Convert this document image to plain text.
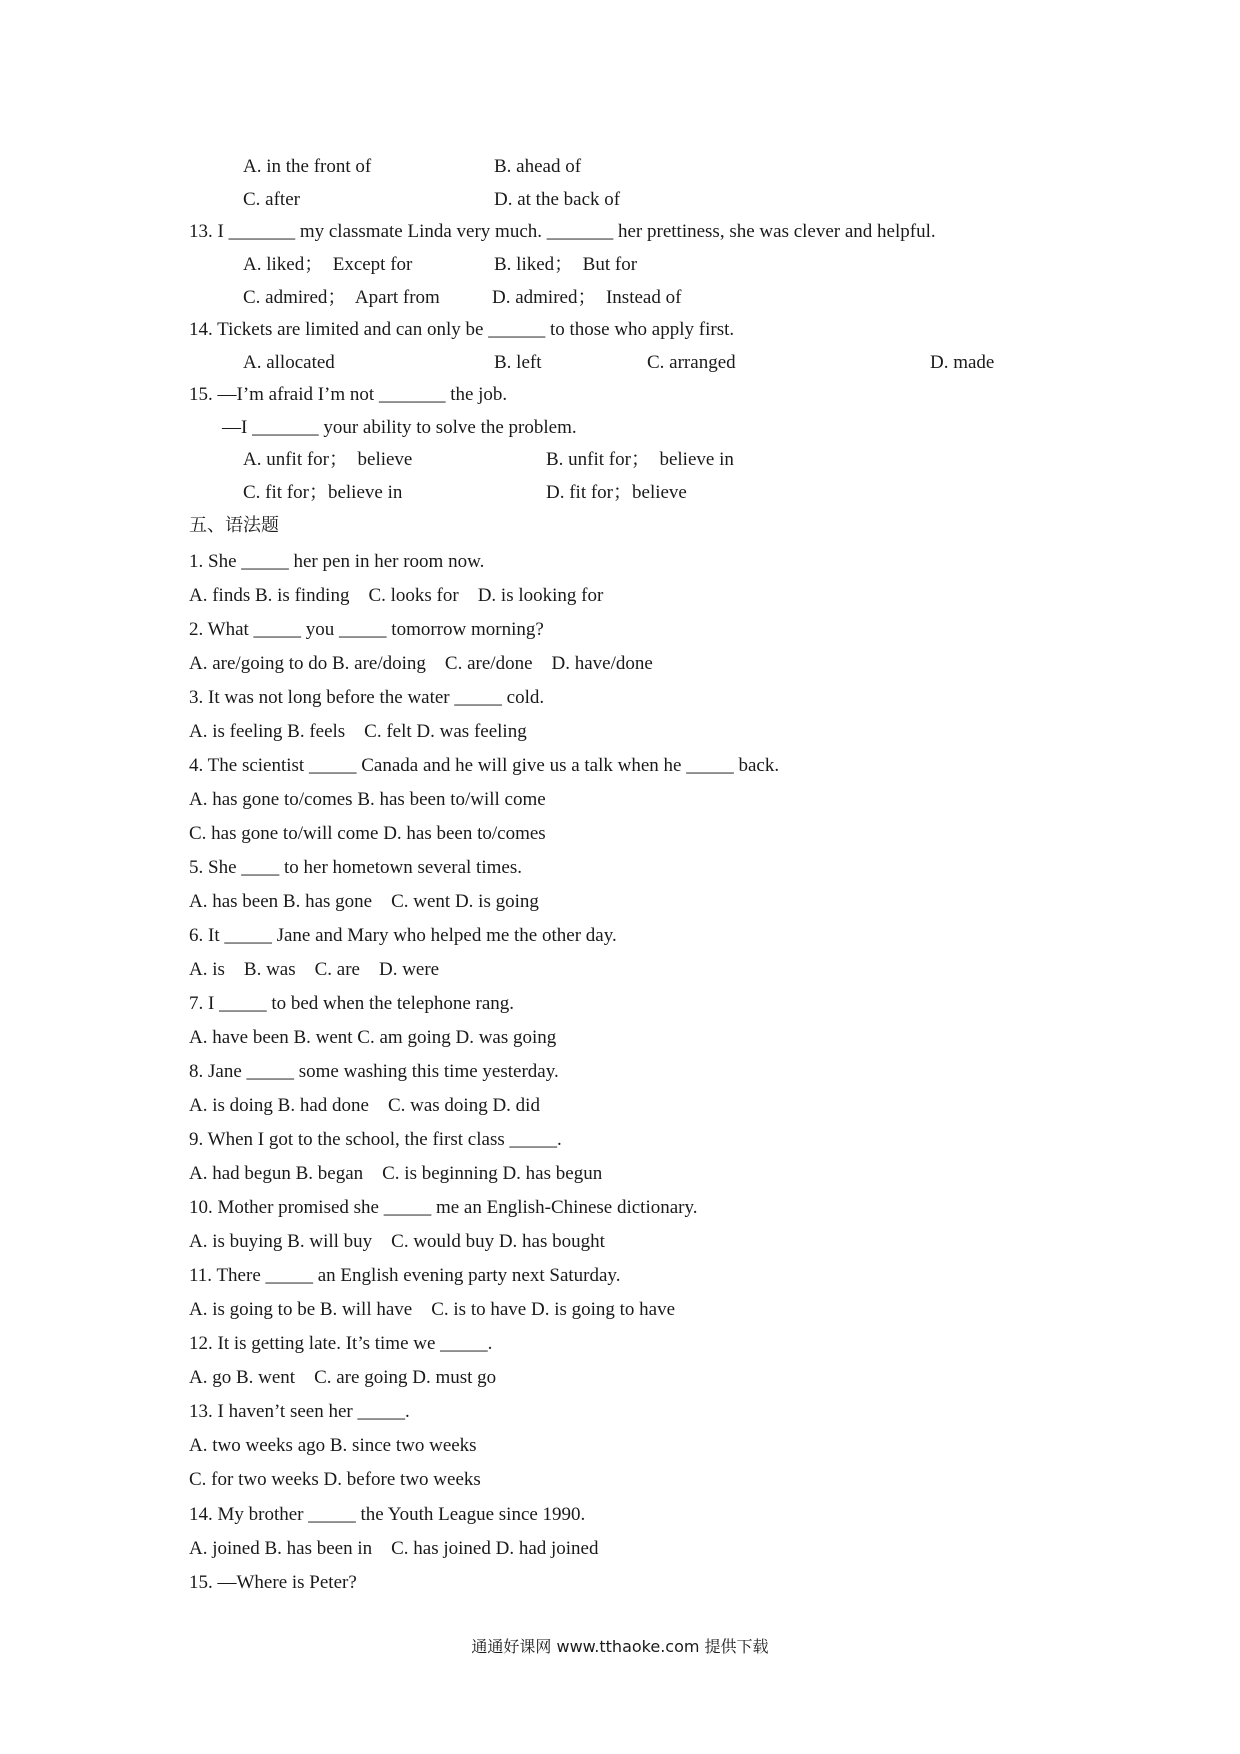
A. in the front of	B. ahead of
C. after	D. at the back of
13. I _______ my classmate Linda very much. _______ her prettiness, she was clever and helpful.
A. liked；  Except for	B. liked；  But for
C. admired；  Apart from	D. admired；  Instead of
14. Tickets are limited and can only be ______ to those who apply first.
A. allocated	B. left	C. arranged	D. made
15. —I’m afraid I’m not _______ the job.
—I _______ your ability to solve the problem.
A. unfit for；  believe	B. unfit for；  believe in
C. fit for；believe in	D. fit for；believe
五、语法题
1. She _____ her pen in her room now.
A. finds B. is finding    C. looks for    D. is looking for
2. What _____ you _____ tomorrow morning?
A. are/going to do B. are/doing    C. are/done    D. have/done
3. It was not long before the water _____ cold.
A. is feeling B. feels    C. felt D. was feeling
4. The scientist _____ Canada and he will give us a talk when he _____ back.
A. has gone to/comes B. has been to/will come
C. has gone to/will come D. has been to/comes
5. She ____ to her hometown several times.
A. has been B. has gone    C. went D. is going
6. It _____ Jane and Mary who helped me the other day.
A. is    B. was    C. are    D. were
7. I _____ to bed when the telephone rang.
A. have been B. went C. am going D. was going
8. Jane _____ some washing this time yesterday.
A. is doing B. had done    C. was doing D. did
9. When I got to the school, the first class _____.
A. had begun B. began    C. is beginning D. has begun
10. Mother promised she _____ me an English-Chinese dictionary.
A. is buying B. will buy    C. would buy D. has bought
11. There _____ an English evening party next Saturday.
A. is going to be B. will have    C. is to have D. is going to have
12. It is getting late. It’s time we _____.
A. go B. went    C. are going D. must go
13. I haven’t seen her _____.
A. two weeks ago B. since two weeks
C. for two weeks D. before two weeks
14. My brother _____ the Youth League since 1990.
A. joined B. has been in    C. has joined D. had joined
15. —Where is Peter?
通通好课网 www.tthaoke.com 提供下载
